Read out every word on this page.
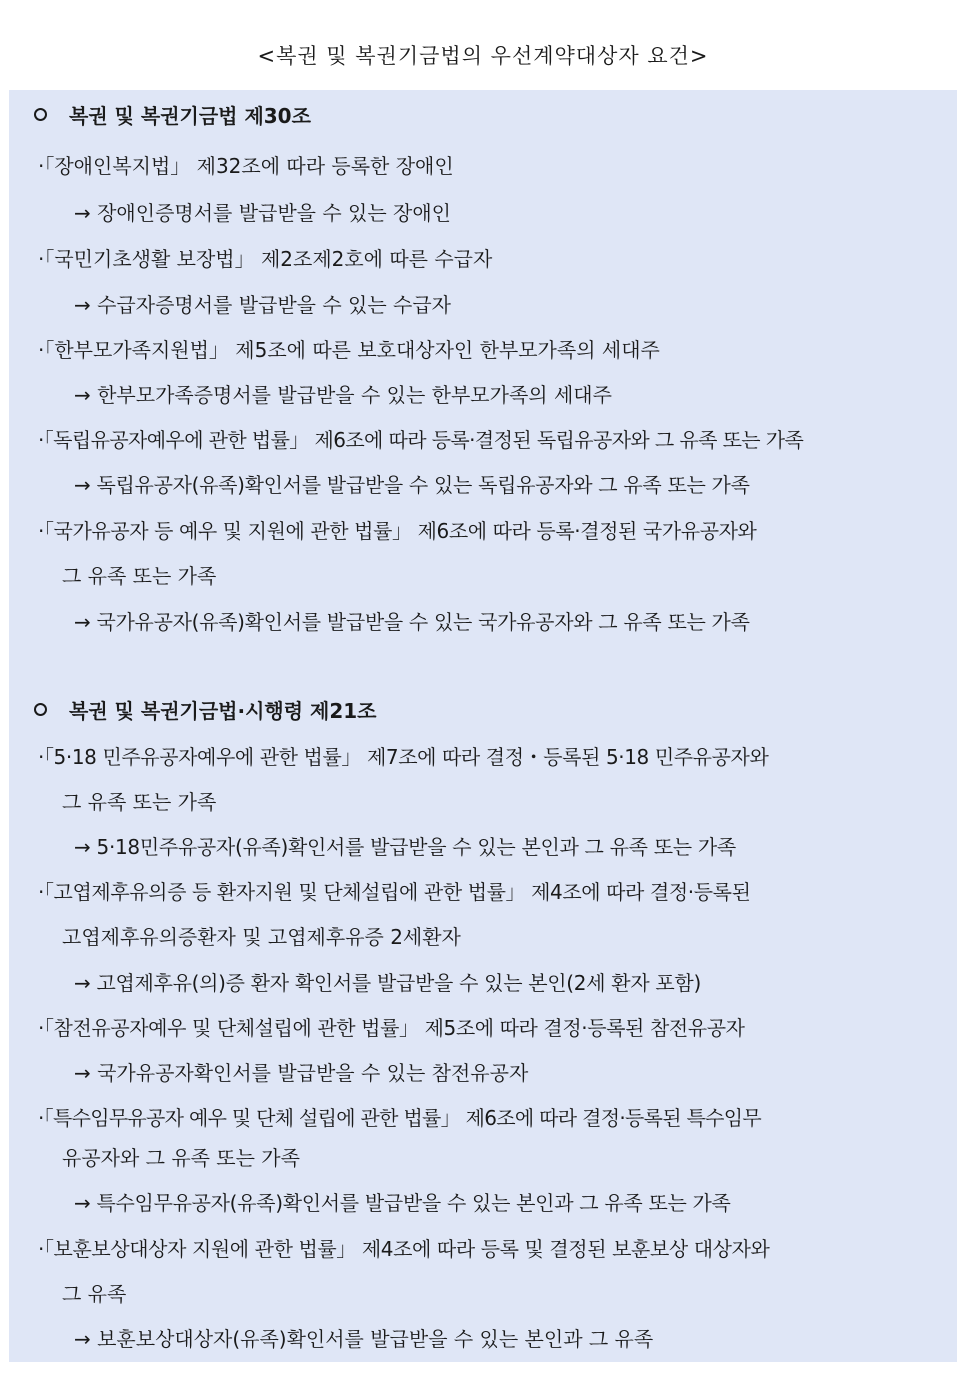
<복권 및 복권기금법의 우선계약대상자 요건>
복권 및 복권기금법 제30조
·「장애인복지법」 제32조에 따라 등록한 장애인
→ 장애인증명서를 발급받을 수 있는 장애인
·「국민기초생활 보장법」 제2조제2호에 따른 수급자
→ 수급자증명서를 발급받을 수 있는 수급자
·「한부모가족지원법」 제5조에 따른 보호대상자인 한부모가족의 세대주
→ 한부모가족증명서를 발급받을 수 있는 한부모가족의 세대주
·「독립유공자예우에 관한 법률」 제6조에 따라 등록·결정된 독립유공자와 그 유족 또는 가족
→ 독립유공자(유족)확인서를 발급받을 수 있는 독립유공자와 그 유족 또는 가족
·「국가유공자 등 예우 및 지원에 관한 법률」 제6조에 따라 등록·결정된 국가유공자와
그 유족 또는 가족
→ 국가유공자(유족)확인서를 발급받을 수 있는 국가유공자와 그 유족 또는 가족
복권 및 복권기금법·시행령 제21조
·「5·18 민주유공자예우에 관한 법률」 제7조에 따라 결정・등록된 5·18 민주유공자와
그 유족 또는 가족
→ 5·18민주유공자(유족)확인서를 발급받을 수 있는 본인과 그 유족 또는 가족
·「고엽제후유의증 등 환자지원 및 단체설립에 관한 법률」 제4조에 따라 결정·등록된
고엽제후유의증환자 및 고엽제후유증 2세환자
→ 고엽제후유(의)증 환자 확인서를 발급받을 수 있는 본인(2세 환자 포함)
·「참전유공자예우 및 단체설립에 관한 법률」 제5조에 따라 결정·등록된 참전유공자
→ 국가유공자확인서를 발급받을 수 있는 참전유공자
·「특수임무유공자 예우 및 단체 설립에 관한 법률」 제6조에 따라 결정·등록된 특수임무
유공자와 그 유족 또는 가족
→ 특수임무유공자(유족)확인서를 발급받을 수 있는 본인과 그 유족 또는 가족
·「보훈보상대상자 지원에 관한 법률」 제4조에 따라 등록 및 결정된 보훈보상 대상자와
그 유족
→ 보훈보상대상자(유족)확인서를 발급받을 수 있는 본인과 그 유족
